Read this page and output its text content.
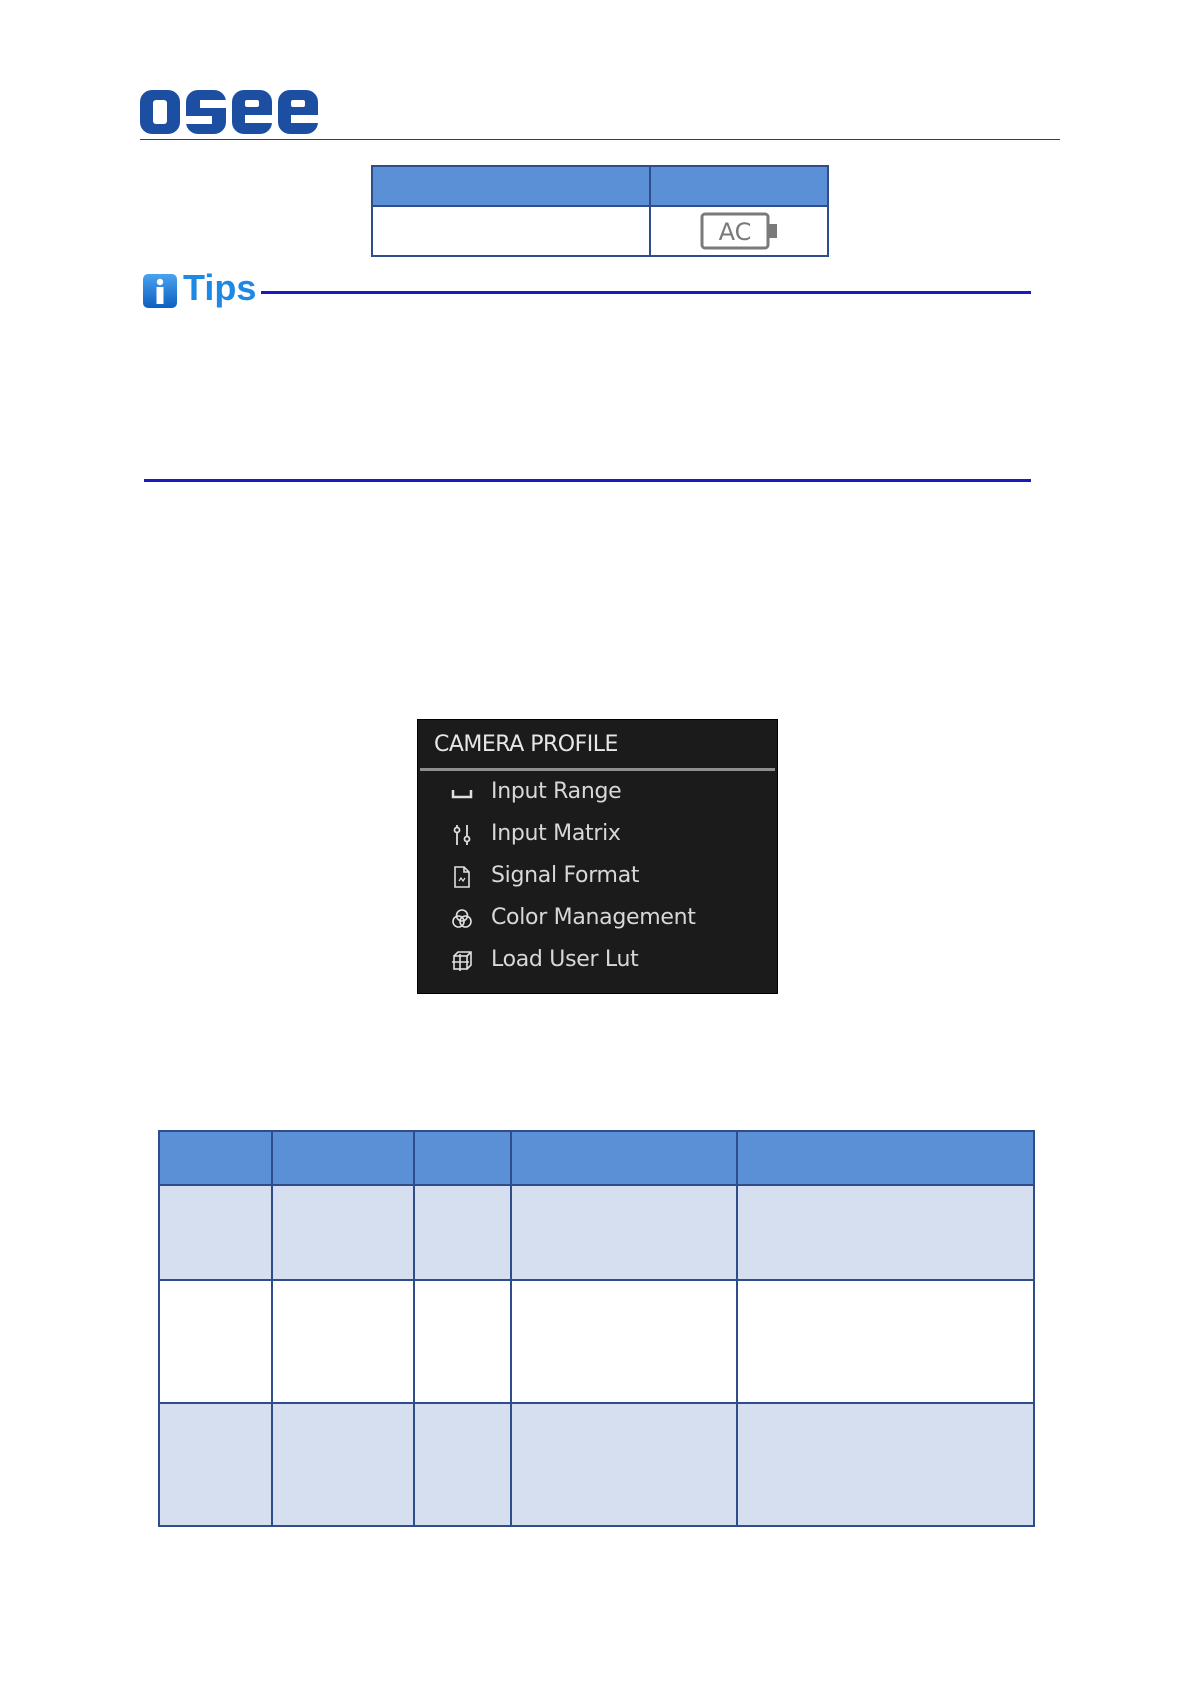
AC
Tips
CAMERA PROFILE
Input Range
Input Matrix
Signal Format
Color Management
Load User Lut
